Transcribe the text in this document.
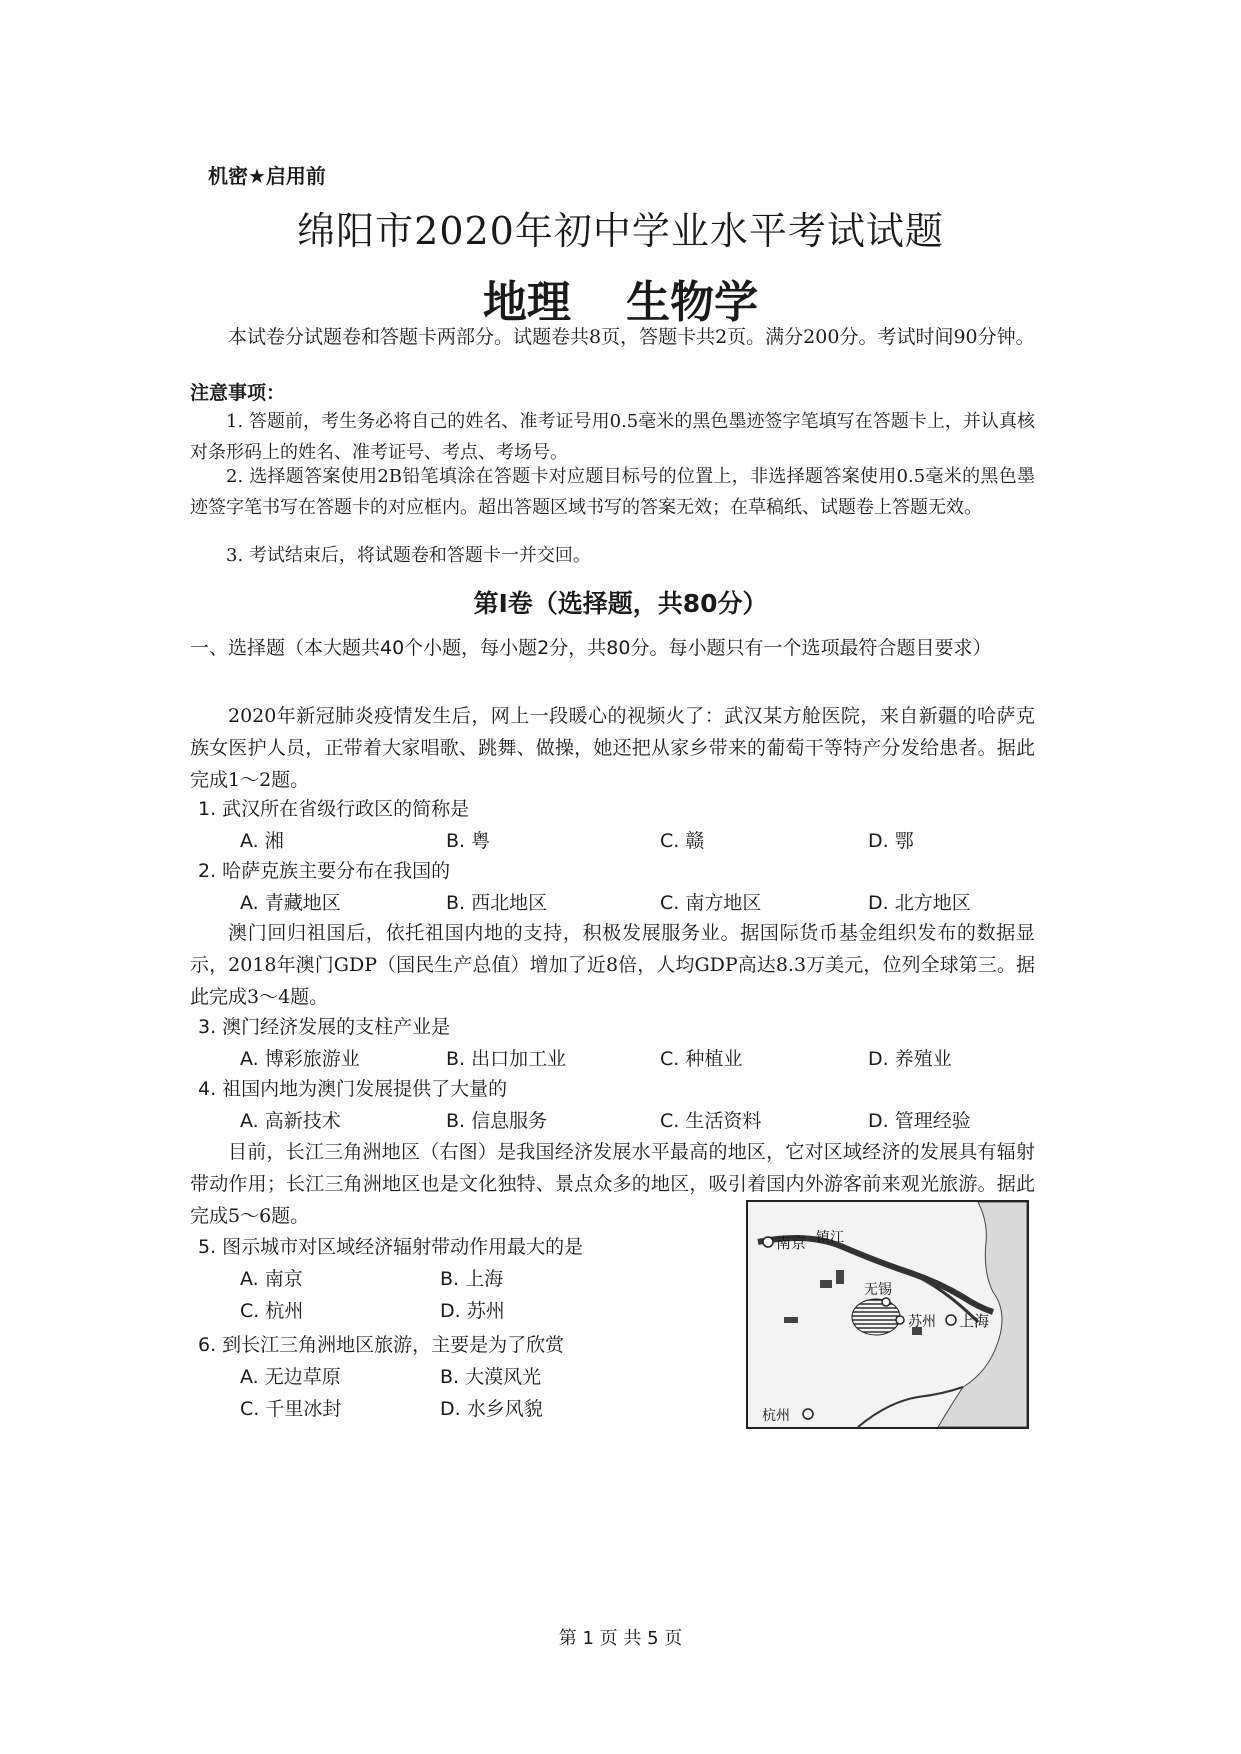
机密★启用前
绵阳市2020年初中学业水平考试试题
地理 生物学
本试卷分试题卷和答题卡两部分。试题卷共8页，答题卡共2页。满分200分。考试时间90分钟。
注意事项：
1. 答题前，考生务必将自己的姓名、准考证号用0.5毫米的黑色墨迹签字笔填写在答题卡上，并认真核对条形码上的姓名、准考证号、考点、考场号。
2. 选择题答案使用2B铅笔填涂在答题卡对应题目标号的位置上，非选择题答案使用0.5毫米的黑色墨迹签字笔书写在答题卡的对应框内。超出答题区域书写的答案无效；在草稿纸、试题卷上答题无效。
3. 考试结束后，将试题卷和答题卡一并交回。
第Ⅰ卷（选择题，共80分）
一、选择题（本大题共40个小题，每小题2分，共80分。每小题只有一个选项最符合题目要求）
2020年新冠肺炎疫情发生后，网上一段暖心的视频火了：武汉某方舱医院，来自新疆的哈萨克族女医护人员，正带着大家唱歌、跳舞、做操，她还把从家乡带来的葡萄干等特产分发给患者。据此完成1～2题。
1. 武汉所在省级行政区的简称是
A. 湘	B. 粤	C. 赣	D. 鄂
2. 哈萨克族主要分布在我国的
A. 青藏地区	B. 西北地区	C. 南方地区	D. 北方地区
澳门回归祖国后，依托祖国内地的支持，积极发展服务业。据国际货币基金组织发布的数据显示，2018年澳门GDP（国民生产总值）增加了近8倍，人均GDP高达8.3万美元，位列全球第三。据此完成3～4题。
3. 澳门经济发展的支柱产业是
A. 博彩旅游业	B. 出口加工业	C. 种植业	D. 养殖业
4. 祖国内地为澳门发展提供了大量的
A. 高新技术	B. 信息服务	C. 生活资料	D. 管理经验
目前，长江三角洲地区（右图）是我国经济发展水平最高的地区，它对区域经济的发展具有辐射带动作用；长江三角洲地区也是文化独特、景点众多的地区，吸引着国内外游客前来观光旅游。据此完成5～6题。
5. 图示城市对区域经济辐射带动作用最大的是
A. 南京	B. 上海
C. 杭州	D. 苏州
6. 到长江三角洲地区旅游，主要是为了欣赏
A. 无边草原	B. 大漠风光
C. 千里冰封	D. 水乡风貌
南京 镇江
无锡
苏州 上海
杭州
第 1 页 共 5 页
